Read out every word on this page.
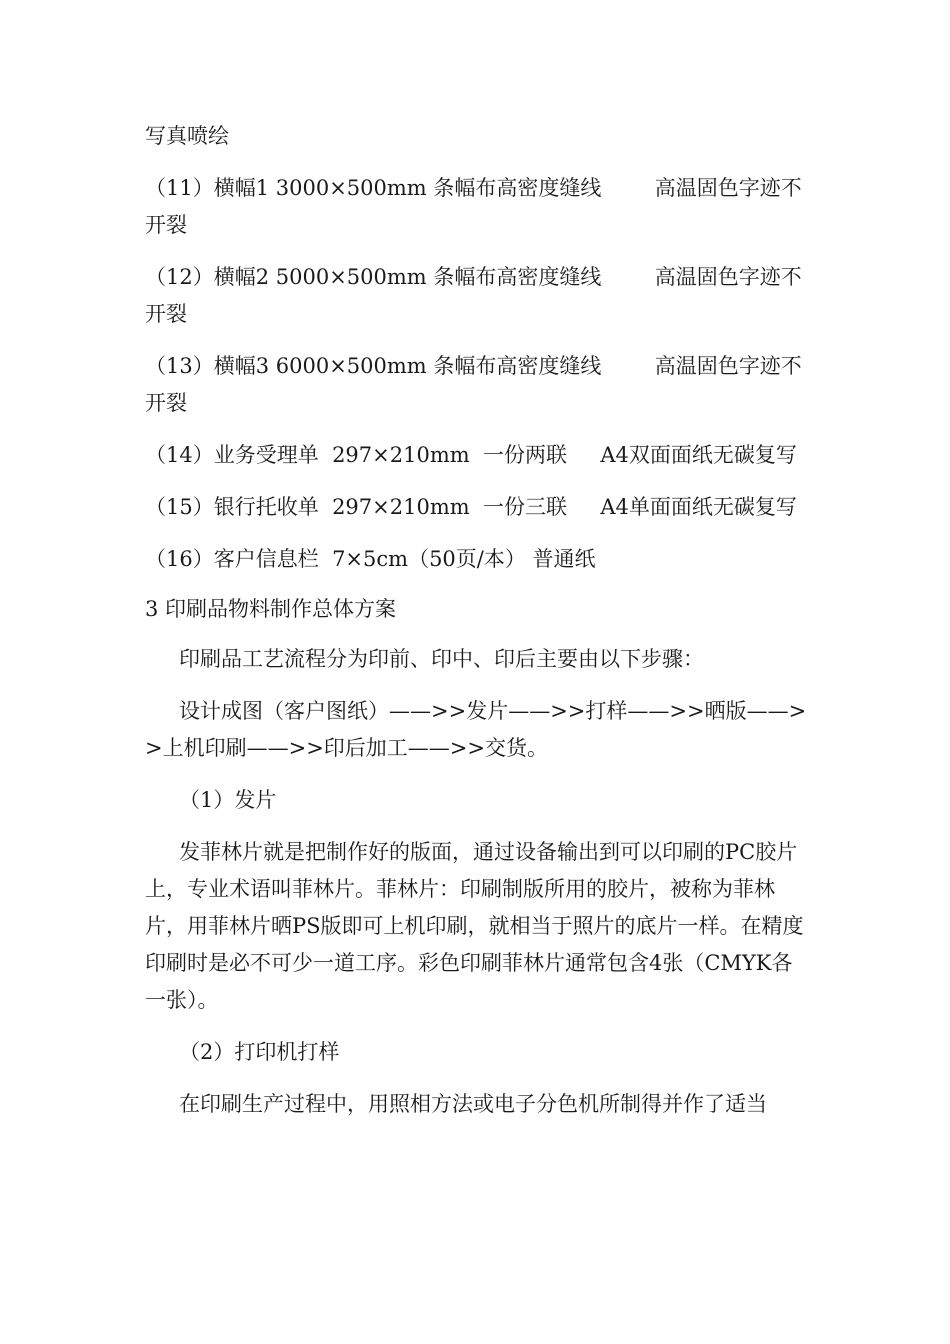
写真喷绘

（11）横幅1 3000×500mm 条幅布高密度缝线        高温固色字迹不开裂

（12）横幅2 5000×500mm 条幅布高密度缝线        高温固色字迹不开裂

（13）横幅3 6000×500mm 条幅布高密度缝线        高温固色字迹不开裂

（14）业务受理单  297×210mm  一份两联     A4双面面纸无碳复写

（15）银行托收单  297×210mm  一份三联     A4单面面纸无碳复写

（16）客户信息栏  7×5cm（50页/本） 普通纸

3 印刷品物料制作总体方案

印刷品工艺流程分为印前、印中、印后主要由以下步骤：

设计成图（客户图纸）——>>发片——>>打样——>>晒版——>>上机印刷——>>印后加工——>>交货。

（1）发片

发菲林片就是把制作好的版面，通过设备输出到可以印刷的PC胶片上，专业术语叫菲林片。菲林片：印刷制版所用的胶片，被称为菲林片，用菲林片晒PS版即可上机印刷，就相当于照片的底片一样。在精度印刷时是必不可少一道工序。彩色印刷菲林片通常包含4张（CMYK各一张）。

（2）打印机打样

在印刷生产过程中，用照相方法或电子分色机所制得并作了适当
